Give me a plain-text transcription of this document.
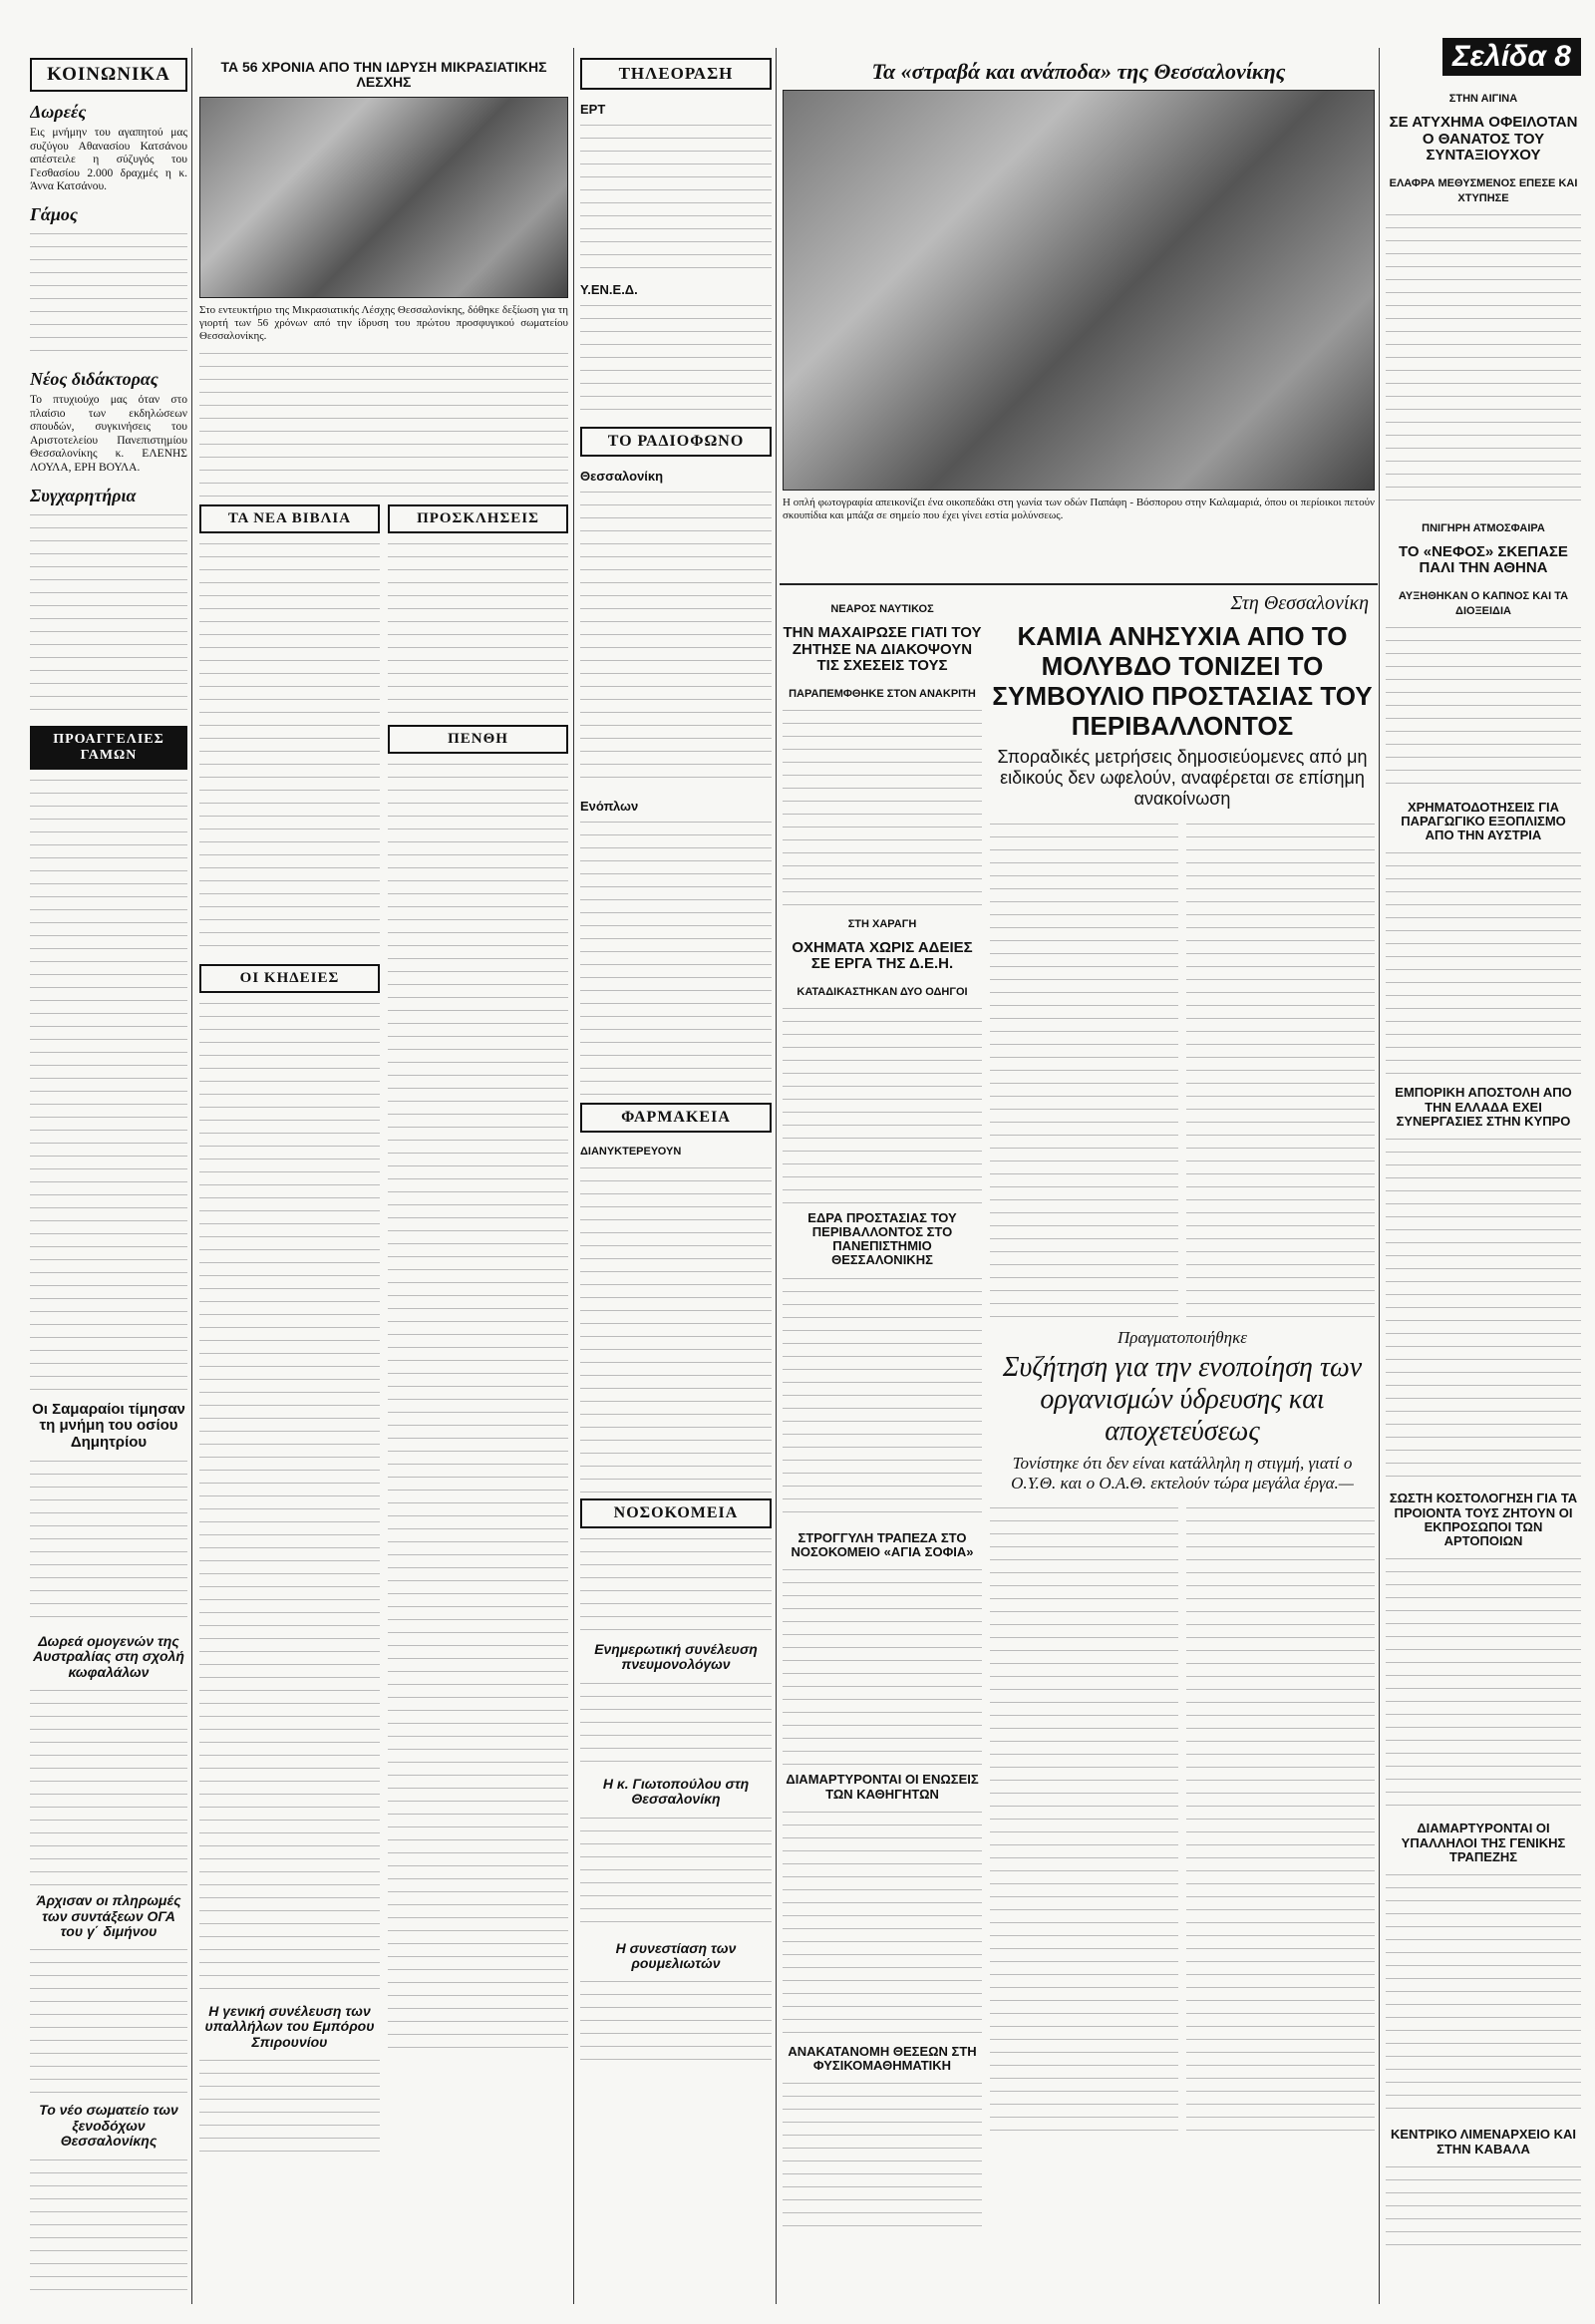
Σελίδα 8
ΚΟΙΝΩΝΙΚΑ
Δωρεές

Εις μνήμην του αγαπητού μας συζύγου Αθανασίου Κατσάνου απέστειλε η σύζυγός του Γεσθασίου 2.000 δραχμές η κ. Άννα Κατσάνου.

Γάμος
Νέος διδάκτορας

Το πτυχιούχο μας όταν στο πλαίσιο των εκδηλώσεων σπουδών, συγκινήσεις του Αριστοτελείου Πανεπιστημίου Θεσσαλονίκης κ. ΕΛΕΝΗΣ ΛΟΥΛΑ, ΕΡΗ ΒΟΥΛΑ.

Συγχαρητήρια
ΠΡΟΑΓΓΕΛΙΕΣ ΓΑΜΩΝ
Οι Σαμαραίοι τίμησαν τη μνήμη του οσίου Δημητρίου
Δωρεά ομογενών της Αυστραλίας στη σχολή κωφαλάλων
Άρχισαν οι πληρωμές των συντάξεων ΟΓΑ του γ΄ διμήνου
Το νέο σωματείο των ξενοδόχων Θεσσαλονίκης
ΤΑ 56 ΧΡΟΝΙΑ ΑΠΟ ΤΗΝ ΙΔΡΥΣΗ ΜΙΚΡΑΣΙΑΤΙΚΗΣ ΛΕΣΧΗΣ

Στο εντευκτήριο της Μικρασιατικής Λέσχης Θεσσαλονίκης, δόθηκε δεξίωση για τη γιορτή των 56 χρόνων από την ίδρυση του πρώτου προσφυγικού σωματείου Θεσσαλονίκης.

ΤΑ ΝΕΑ ΒΙΒΛΙΑ
ΟΙ ΚΗΔΕΙΕΣ
Η γενική συνέλευση των υπαλλήλων του Εμπόρου Σπιρουνίου
ΠΡΟΣΚΛΗΣΕΙΣ
ΠΕΝΘΗ
ΤΗΛΕΟΡΑΣΗ
ΕΡΤ
Υ.ΕΝ.Ε.Δ.
ΤΟ ΡΑΔΙΟΦΩΝΟ
Θεσσαλονίκη
Ενόπλων
ΦΑΡΜΑΚΕΙΑ
ΔΙΑΝΥΚΤΕΡΕΥΟΥΝ
ΝΟΣΟΚΟΜΕΙΑ
Ενημερωτική συνέλευση πνευμονολόγων
Η κ. Γιωτοπούλου στη Θεσσαλονίκη
Η συνεστίαση των ρουμελιωτών
Τα «στραβά και ανάποδα» της Θεσσαλονίκης

Η οπλή φωτογραφία απεικονίζει ένα οικοπεδάκι στη γωνία των οδών Παπάφη - Βόσπορου στην Καλαμαριά, όπου οι περίοικοι πετούν σκουπίδια και μπάζα σε σημείο που έχει γίνει εστία μολύνσεως.

ΝΕΑΡΟΣ ΝΑΥΤΙΚΟΣ
ΤΗΝ ΜΑΧΑΙΡΩΣΕ ΓΙΑΤΙ ΤΟΥ ΖΗΤΗΣΕ ΝΑ ΔΙΑΚΟΨΟΥΝ ΤΙΣ ΣΧΕΣΕΙΣ ΤΟΥΣ
ΠΑΡΑΠΕΜΦΘΗΚΕ ΣΤΟΝ ΑΝΑΚΡΙΤΗ
ΣΤΗ ΧΑΡΑΓΗ
ΟΧΗΜΑΤΑ ΧΩΡΙΣ ΑΔΕΙΕΣ ΣΕ ΕΡΓΑ ΤΗΣ Δ.Ε.Η.
ΚΑΤΑΔΙΚΑΣΤΗΚΑΝ ΔΥΟ ΟΔΗΓΟΙ
ΕΔΡΑ ΠΡΟΣΤΑΣΙΑΣ ΤΟΥ ΠΕΡΙΒΑΛΛΟΝΤΟΣ ΣΤΟ ΠΑΝΕΠΙΣΤΗΜΙΟ ΘΕΣΣΑΛΟΝΙΚΗΣ
ΣΤΡΟΓΓΥΛΗ ΤΡΑΠΕΖΑ ΣΤΟ ΝΟΣΟΚΟΜΕΙΟ «ΑΓΙΑ ΣΟΦΙΑ»
ΔΙΑΜΑΡΤΥΡΟΝΤΑΙ ΟΙ ΕΝΩΣΕΙΣ ΤΩΝ ΚΑΘΗΓΗΤΩΝ
ΑΝΑΚΑΤΑΝΟΜΗ ΘΕΣΕΩΝ ΣΤΗ ΦΥΣΙΚΟΜΑΘΗΜΑΤΙΚΗ
Στη Θεσσαλονίκη
ΚΑΜΙΑ ΑΝΗΣΥΧΙΑ ΑΠΟ ΤΟ ΜΟΛΥΒΔΟ ΤΟΝΙΖΕΙ ΤΟ ΣΥΜΒΟΥΛΙΟ ΠΡΟΣΤΑΣΙΑΣ ΤΟΥ ΠΕΡΙΒΑΛΛΟΝΤΟΣ
Σποραδικές μετρήσεις δημοσιεύομενες από μη ειδικούς δεν ωφελούν, αναφέρεται σε επίσημη ανακοίνωση
Πραγματοποιήθηκε
Συζήτηση για την ενοποίηση των οργανισμών ύδρευσης και αποχετεύσεως
Τονίστηκε ότι δεν είναι κατάλληλη η στιγμή, γιατί ο Ο.Υ.Θ. και ο Ο.Α.Θ. εκτελούν τώρα μεγάλα έργα.—
ΣΤΗΝ ΑΙΓΙΝΑ
ΣΕ ΑΤΥΧΗΜΑ ΟΦΕΙΛΟΤΑΝ Ο ΘΑΝΑΤΟΣ ΤΟΥ ΣΥΝΤΑΞΙΟΥΧΟΥ
ΕΛΑΦΡΑ ΜΕΘΥΣΜΕΝΟΣ ΕΠΕΣΕ ΚΑΙ ΧΤΥΠΗΣΕ
ΠΝΙΓΗΡΗ ΑΤΜΟΣΦΑΙΡΑ
ΤΟ «ΝΕΦΟΣ» ΣΚΕΠΑΣΕ ΠΑΛΙ ΤΗΝ ΑΘΗΝΑ
ΑΥΞΗΘΗΚΑΝ Ο ΚΑΠΝΟΣ ΚΑΙ ΤΑ ΔΙΟΞΕΙΔΙΑ
ΧΡΗΜΑΤΟΔΟΤΗΣΕΙΣ ΓΙΑ ΠΑΡΑΓΩΓΙΚΟ ΕΞΟΠΛΙΣΜΟ ΑΠΟ ΤΗΝ ΑΥΣΤΡΙΑ
ΕΜΠΟΡΙΚΗ ΑΠΟΣΤΟΛΗ ΑΠΟ ΤΗΝ ΕΛΛΑΔΑ ΕΧΕΙ ΣΥΝΕΡΓΑΣΙΕΣ ΣΤΗΝ ΚΥΠΡΟ
ΣΩΣΤΗ ΚΟΣΤΟΛΟΓΗΣΗ ΓΙΑ ΤΑ ΠΡΟΙΟΝΤΑ ΤΟΥΣ ΖΗΤΟΥΝ ΟΙ ΕΚΠΡΟΣΩΠΟΙ ΤΩΝ ΑΡΤΟΠΟΙΩΝ
ΔΙΑΜΑΡΤΥΡΟΝΤΑΙ ΟΙ ΥΠΑΛΛΗΛΟΙ ΤΗΣ ΓΕΝΙΚΗΣ ΤΡΑΠΕΖΗΣ
ΚΕΝΤΡΙΚΟ ΛΙΜΕΝΑΡΧΕΙΟ ΚΑΙ ΣΤΗΝ ΚΑΒΑΛΑ
